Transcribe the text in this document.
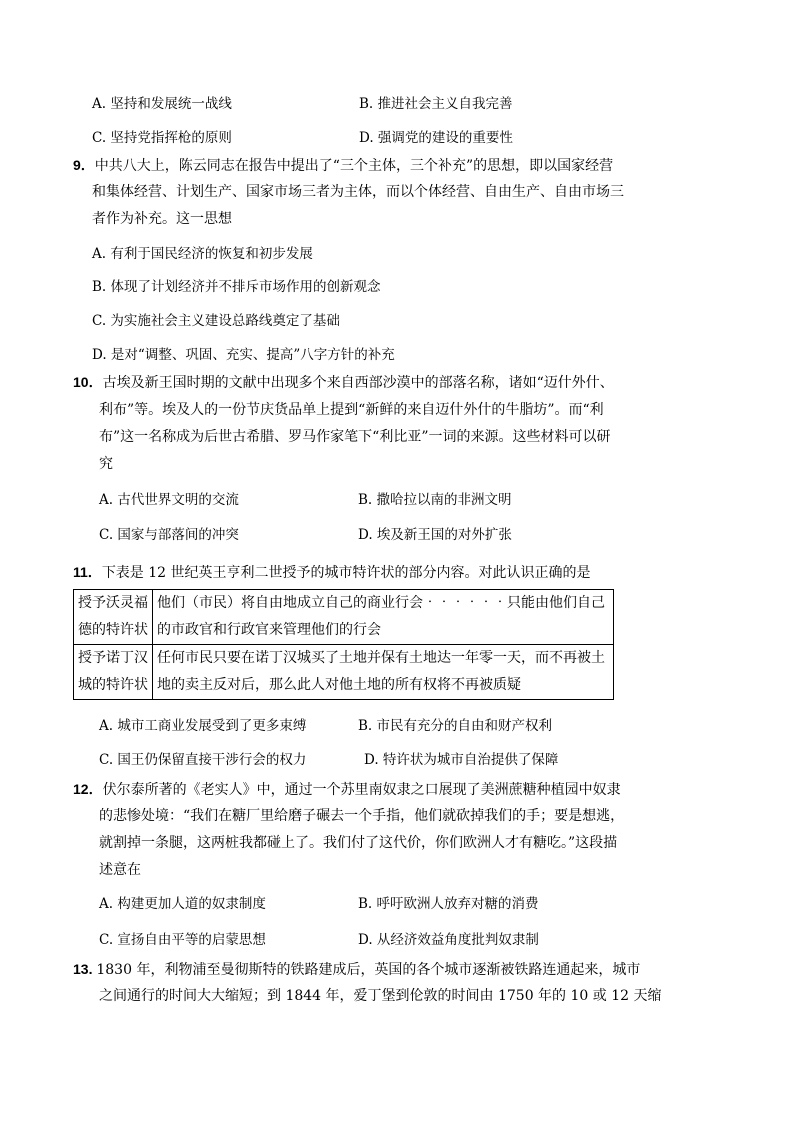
A. 坚持和发展统一战线	B. 推进社会主义自我完善
C. 坚持党指挥枪的原则	D. 强调党的建设的重要性
9．中共八大上，陈云同志在报告中提出了“三个主体，三个补充”的思想，即以国家经营
和集体经营、计划生产、国家市场三者为主体，而以个体经营、自由生产、自由市场三
者作为补充。这一思想
A. 有利于国民经济的恢复和初步发展
B. 体现了计划经济并不排斥市场作用的创新观念
C. 为实施社会主义建设总路线奠定了基础
D. 是对“调整、巩固、充实、提高”八字方针的补充
10．古埃及新王国时期的文献中出现多个来自西部沙漠中的部落名称，诸如“迈什外什、
利布”等。埃及人的一份节庆货品单上提到“新鲜的来自迈什外什的牛脂坊”。而“利
布”这一名称成为后世古希腊、罗马作家笔下“利比亚”一词的来源。这些材料可以研
究
A. 古代世界文明的交流	B. 撒哈拉以南的非洲文明
C. 国家与部落间的冲突	D. 埃及新王国的对外扩张
11．下表是 12 世纪英王亨利二世授予的城市特许状的部分内容。对此认识正确的是
授予沃灵福德的特许状	他们（市民）将自由地成立自己的商业行会‧‧‧‧‧‧只能由他们自己的市政官和行政官来管理他们的行会
授予诺丁汉城的特许状	任何市民只要在诺丁汉城买了土地并保有土地达一年零一天，而不再被土地的卖主反对后，那么此人对他土地的所有权将不再被质疑
A. 城市工商业发展受到了更多束缚	B. 市民有充分的自由和财产权利
C. 国王仍保留直接干涉行会的权力	D. 特许状为城市自治提供了保障
12．伏尔泰所著的《老实人》中，通过一个苏里南奴隶之口展现了美洲蔗糖种植园中奴隶
的悲惨处境：“我们在糖厂里给磨子碾去一个手指，他们就砍掉我们的手；要是想逃，
就割掉一条腿，这两桩我都碰上了。我们付了这代价，你们欧洲人才有糖吃。”这段描
述意在
A. 构建更加人道的奴隶制度	B. 呼吁欧洲人放弃对糖的消费
C. 宣扬自由平等的启蒙思想	D. 从经济效益角度批判奴隶制
13. 1830 年，利物浦至曼彻斯特的铁路建成后，英国的各个城市逐渐被铁路连通起来，城市
之间通行的时间大大缩短；到 1844 年，爱丁堡到伦敦的时间由 1750 年的 10 或 12 天缩
